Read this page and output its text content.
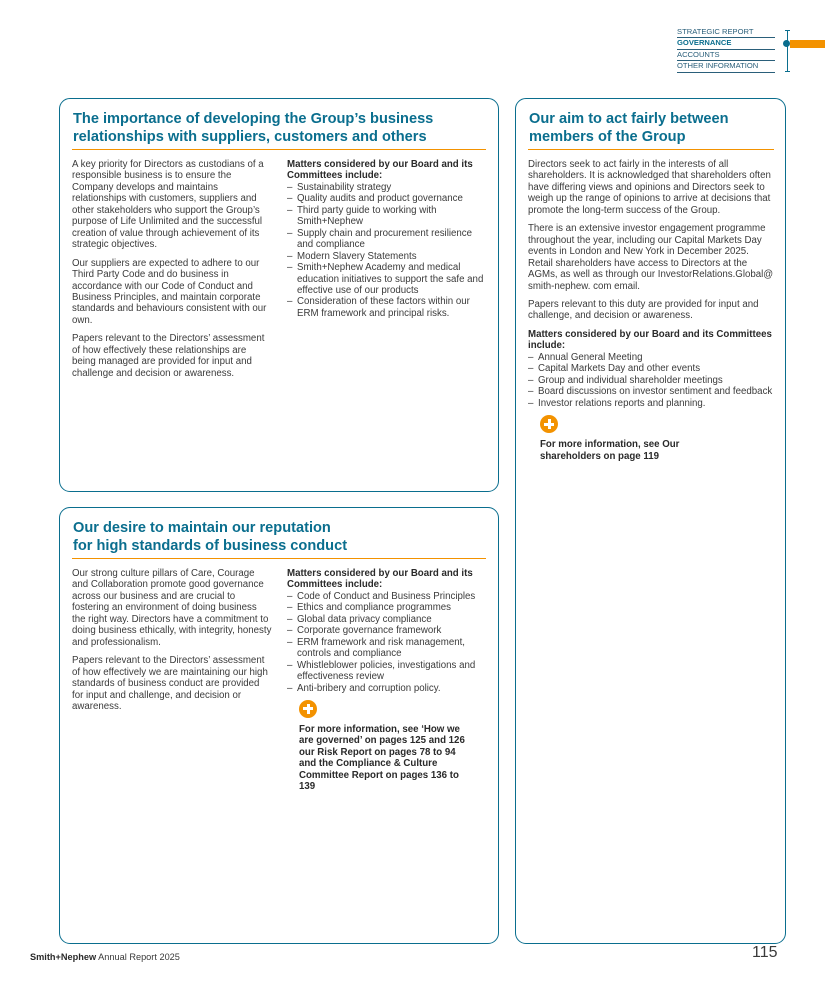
STRATEGIC REPORT
GOVERNANCE
ACCOUNTS
OTHER INFORMATION
The importance of developing the Group’s business
relationships with suppliers, customers and others

A key priority for Directors as custodians of a responsible business is to ensure the Company develops and maintains relationships with customers, suppliers and other stakeholders who support the Group’s purpose of Life Unlimited and the successful creation of value through achievement of its strategic objectives.

Our suppliers are expected to adhere to our Third Party Code and do business in accordance with our Code of Conduct and Business Principles, and maintain corporate standards and behaviours consistent with our own.

Papers relevant to the Directors’ assessment of how effectively these relationships are being managed are provided for input and challenge and decision or awareness.

Matters considered by our Board and its Committees include:

– Sustainability strategy
– Quality audits and product governance
– Third party guide to working with Smith+Nephew
– Supply chain and procurement resilience and compliance
– Modern Slavery Statements
– Smith+Nephew Academy and medical education initiatives to support the safe and effective use of our products
– Consideration of these factors within our ERM framework and principal risks.
Our desire to maintain our reputation
for high standards of business conduct

Our strong culture pillars of Care, Courage and Collaboration promote good governance across our business and are crucial to fostering an environment of doing business the right way. Directors have a commitment to doing business ethically, with integrity, honesty and professionalism.

Papers relevant to the Directors’ assessment of how effectively we are maintaining our high standards of business conduct are provided for input and challenge, and decision or awareness.

Matters considered by our Board and its Committees include:

– Code of Conduct and Business Principles
– Ethics and compliance programmes
– Global data privacy compliance
– Corporate governance framework
– ERM framework and risk management, controls and compliance
– Whistleblower policies, investigations and effectiveness review
– Anti-bribery and corruption policy.
For more information, see ‘How we are governed’ on pages 125 and 126 our Risk Report on pages 78 to 94 and the Compliance & Culture Committee Report on pages 136 to 139
Our aim to act fairly between
members of the Group

Directors seek to act fairly in the interests of all shareholders. It is acknowledged that shareholders often have differing views and opinions and Directors seek to weigh up the range of opinions to arrive at decisions that promote the long-term success of the Group.

There is an extensive investor engagement programme throughout the year, including our Capital Markets Day events in London and New York in December 2025. Retail shareholders have access to Directors at the AGMs, as well as through our InvestorRelations.Global@ smith-nephew. com email.

Papers relevant to this duty are provided for input and challenge, and decision or awareness.

Matters considered by our Board and its Committees include:

– Annual General Meeting
– Capital Markets Day and other events
– Group and individual shareholder meetings
– Board discussions on investor sentiment and feedback
– Investor relations reports and planning.
For more information, see Our shareholders on page 119
Smith+Nephew Annual Report 2025	115
